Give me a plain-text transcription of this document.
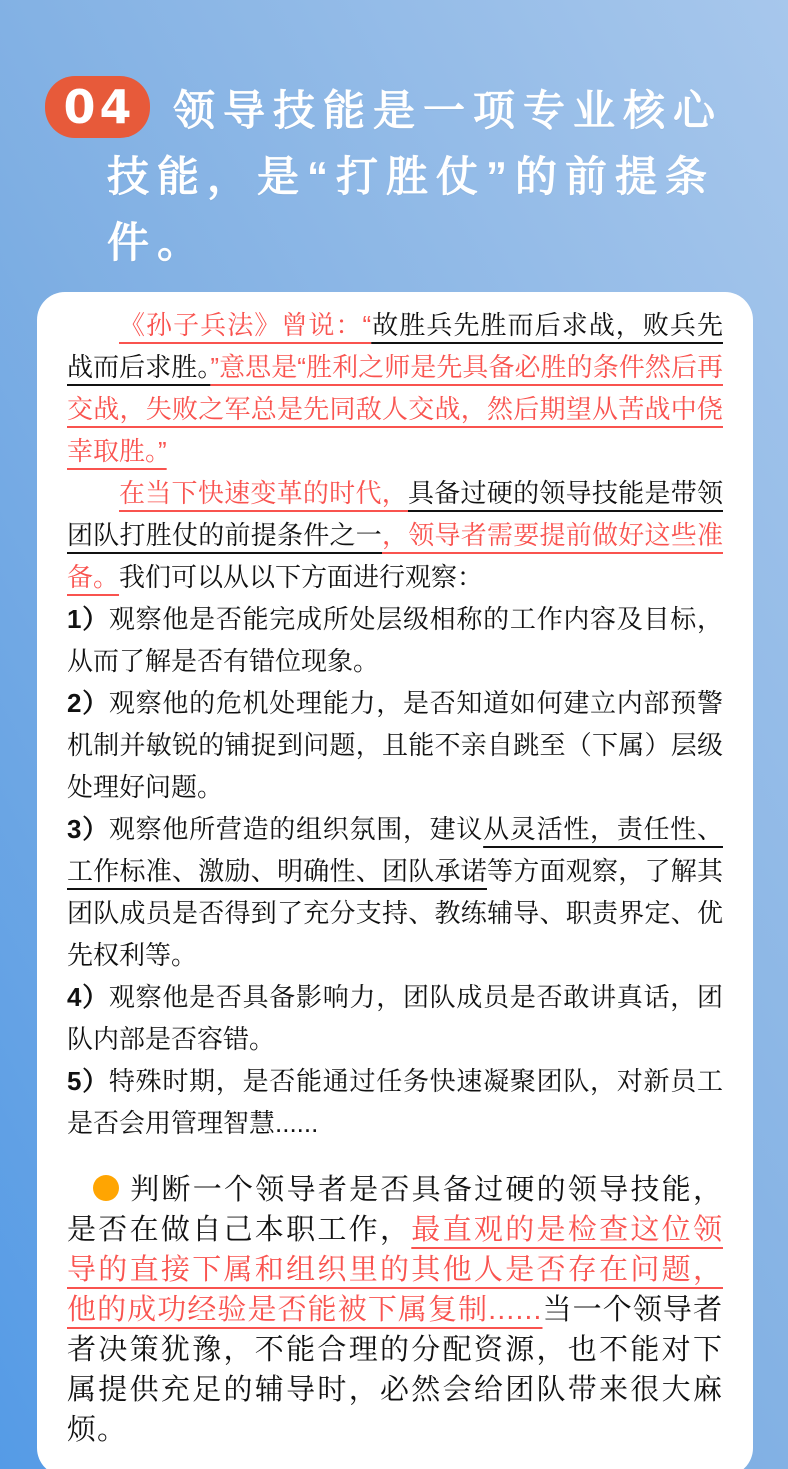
04 领导技能是一项专业核心技能，是“打胜仗”的前提条件。

《孙子兵法》曾说：“故胜兵先胜而后求战，败兵先战而后求胜。”意思是“胜利之师是先具备必胜的条件然后再交战，失败之军总是先同敌人交战，然后期望从苦战中侥幸取胜。”

在当下快速变革的时代，具备过硬的领导技能是带领团队打胜仗的前提条件之一，领导者需要提前做好这些准备。我们可以从以下方面进行观察：

1）观察他是否能完成所处层级相称的工作内容及目标，从而了解是否有错位现象。

2）观察他的危机处理能力，是否知道如何建立内部预警机制并敏锐的铺捉到问题，且能不亲自跳至（下属）层级处理好问题。

3）观察他所营造的组织氛围，建议从灵活性，责任性、工作标准、激励、明确性、团队承诺等方面观察，了解其团队成员是否得到了充分支持、教练辅导、职责界定、优先权利等。

4）观察他是否具备影响力，团队成员是否敢讲真话，团队内部是否容错。

5）特殊时期，是否能通过任务快速凝聚团队，对新员工是否会用管理智慧......

判断一个领导者是否具备过硬的领导技能，是否在做自己本职工作，最直观的是检查这位领导的直接下属和组织里的其他人是否存在问题，他的成功经验是否能被下属复制......当一个领导者者决策犹豫，不能合理的分配资源，也不能对下属提供充足的辅导时，必然会给团队带来很大麻烦。
